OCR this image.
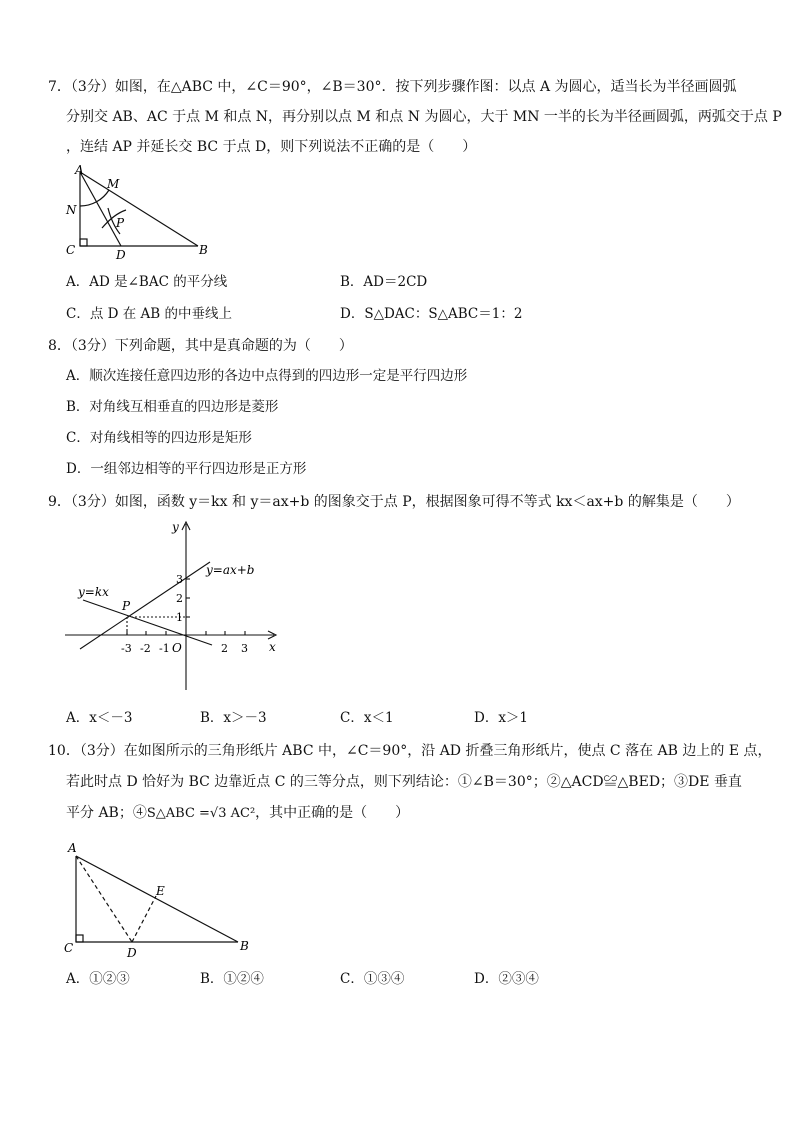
7．（3分）如图，在△ABC 中，∠C＝90°，∠B＝30°．按下列步骤作图：以点 A 为圆心，适当长为半径画圆弧
分别交 AB、AC 于点 M 和点 N，再分别以点 M 和点 N 为圆心，大于 MN 一半的长为半径画圆弧，两弧交于点 P
，连结 AP 并延长交 BC 于点 D，则下列说法不正确的是（　　）
A
M
N
P
C	D	B
A．AD 是∠BAC 的平分线	B．AD＝2CD
C．点 D 在 AB 的中垂线上	D．S△DAC：S△ABC＝1：2
8．（3分）下列命题，其中是真命题的为（　　）
A．顺次连接任意四边形的各边中点得到的四边形一定是平行四边形
B．对角线互相垂直的四边形是菱形
C．对角线相等的四边形是矩形
D．一组邻边相等的平行四边形是正方形
9．（3分）如图，函数 y＝kx 和 y＝ax+b 的图象交于点 P，根据图象可得不等式 kx＜ax+b 的解集是（　　）
y
x
y=ax+b
y=kx
P
3
2
1
-3 -2 -1 O	2 3
A．x＜－3	B．x＞－3	C．x＜1	D．x＞1
10．（3分）在如图所示的三角形纸片 ABC 中，∠C＝90°，沿 AD 折叠三角形纸片，使点 C 落在 AB 边上的 E 点，
若此时点 D 恰好为 BC 边靠近点 C 的三等分点，则下列结论：①∠B＝30°；②△ACD≌△BED；③DE 垂直
平分 AB；④S△ABC =√3 AC²，其中正确的是（　　）
A
E
C	D	B
A．①②③	B．①②④	C．①③④	D．②③④
